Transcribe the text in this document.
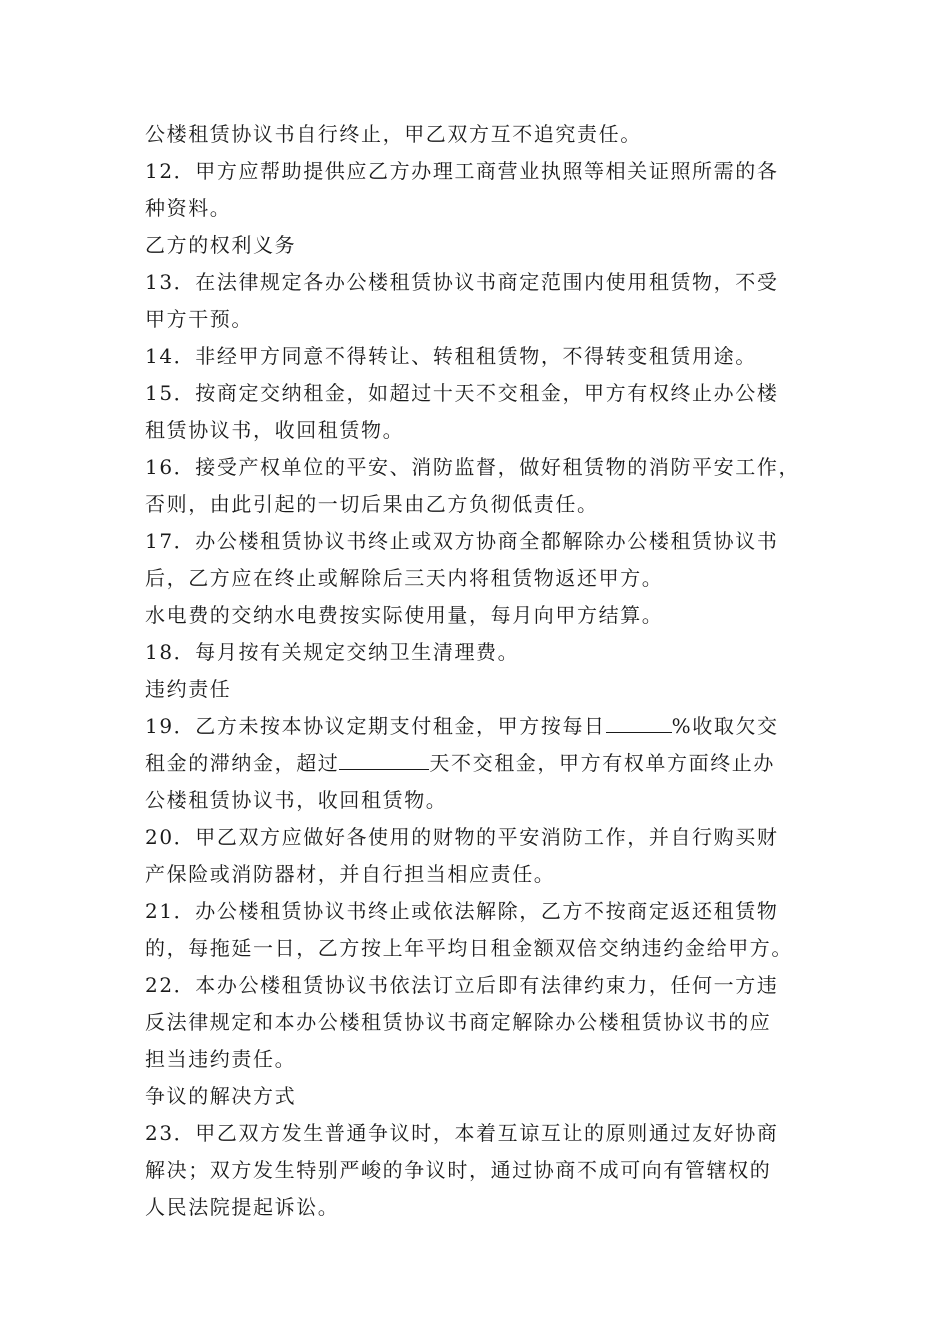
公楼租赁协议书自行终止，甲乙双方互不追究责任。
12．甲方应帮助提供应乙方办理工商营业执照等相关证照所需的各
种资料。
乙方的权利义务
13．在法律规定各办公楼租赁协议书商定范围内使用租赁物，不受
甲方干预。
14．非经甲方同意不得转让、转租租赁物，不得转变租赁用途。
15．按商定交纳租金，如超过十天不交租金，甲方有权终止办公楼
租赁协议书，收回租赁物。
16．接受产权单位的平安、消防监督，做好租赁物的消防平安工作，
否则，由此引起的一切后果由乙方负彻低责任。
17．办公楼租赁协议书终止或双方协商全都解除办公楼租赁协议书
后，乙方应在终止或解除后三天内将租赁物返还甲方。
水电费的交纳水电费按实际使用量，每月向甲方结算。
18．每月按有关规定交纳卫生清理费。
违约责任
19．乙方未按本协议定期支付租金，甲方按每日	%收取欠交
租金的滞纳金，超过	天不交租金，甲方有权单方面终止办
公楼租赁协议书，收回租赁物。
20．甲乙双方应做好各使用的财物的平安消防工作，并自行购买财
产保险或消防器材，并自行担当相应责任。
21．办公楼租赁协议书终止或依法解除，乙方不按商定返还租赁物
的，每拖延一日，乙方按上年平均日租金额双倍交纳违约金给甲方。
22．本办公楼租赁协议书依法订立后即有法律约束力，任何一方违
反法律规定和本办公楼租赁协议书商定解除办公楼租赁协议书的应
担当违约责任。
争议的解决方式
23．甲乙双方发生普通争议时，本着互谅互让的原则通过友好协商
解决；双方发生特别严峻的争议时，通过协商不成可向有管辖权的
人民法院提起诉讼。
